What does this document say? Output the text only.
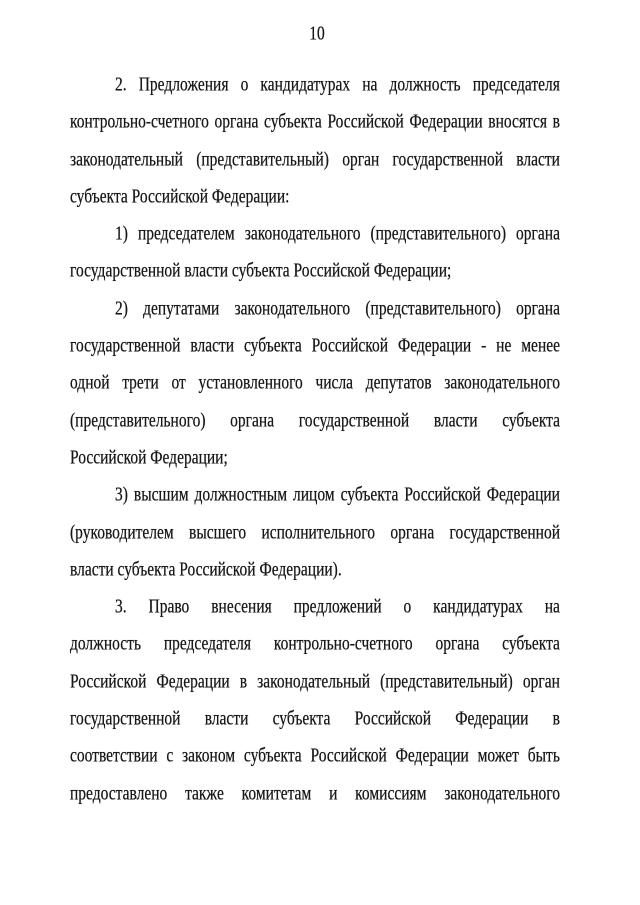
10
2. Предложения о кандидатурах на должность председателя
контрольно-счетного органа субъекта Российской Федерации вносятся в
законодательный (представительный) орган государственной власти
субъекта Российской Федерации:
1) председателем законодательного (представительного) органа
государственной власти субъекта Российской Федерации;
2) депутатами законодательного (представительного) органа
государственной власти субъекта Российской Федерации - не менее
одной трети от установленного числа депутатов законодательного
(представительного) органа государственной власти субъекта
Российской Федерации;
3) высшим должностным лицом субъекта Российской Федерации
(руководителем высшего исполнительного органа государственной
власти субъекта Российской Федерации).
3. Право внесения предложений о кандидатурах на
должность председателя контрольно-счетного органа субъекта
Российской Федерации в законодательный (представительный) орган
государственной власти субъекта Российской Федерации в
соответствии с законом субъекта Российской Федерации может быть
предоставлено также комитетам и комиссиям законодательного
